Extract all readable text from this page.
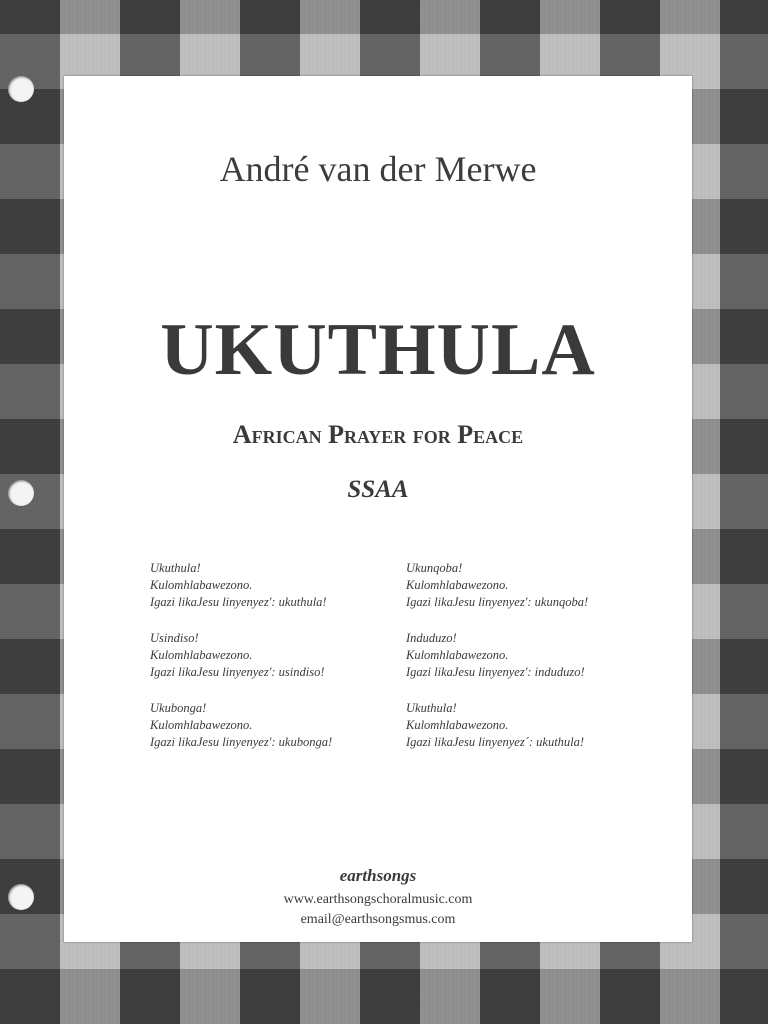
André van der Merwe
UKUTHULA
African Prayer for Peace
SSAA
Ukuthula!
Kulomhlabawezono.
Igazi likaJesu linyenyez': ukuthula!
Usindiso!
Kulomhlabawezono.
Igazi likaJesu linyenyez': usindiso!
Ukubonga!
Kulomhlabawezono.
Igazi likaJesu linyenyez': ukubonga!
Ukunqoba!
Kulomhlabawezono.
Igazi likaJesu linyenyez': ukunqoba!
Induduzo!
Kulomhlabawezono.
Igazi likaJesu linyenyez': induduzo!
Ukuthula!
Kulomhlabawezono.
Igazi likaJesu linyenyez´: ukuthula!
earthsongs
www.earthsongschoralmusic.com
email@earthsongsmus.com
